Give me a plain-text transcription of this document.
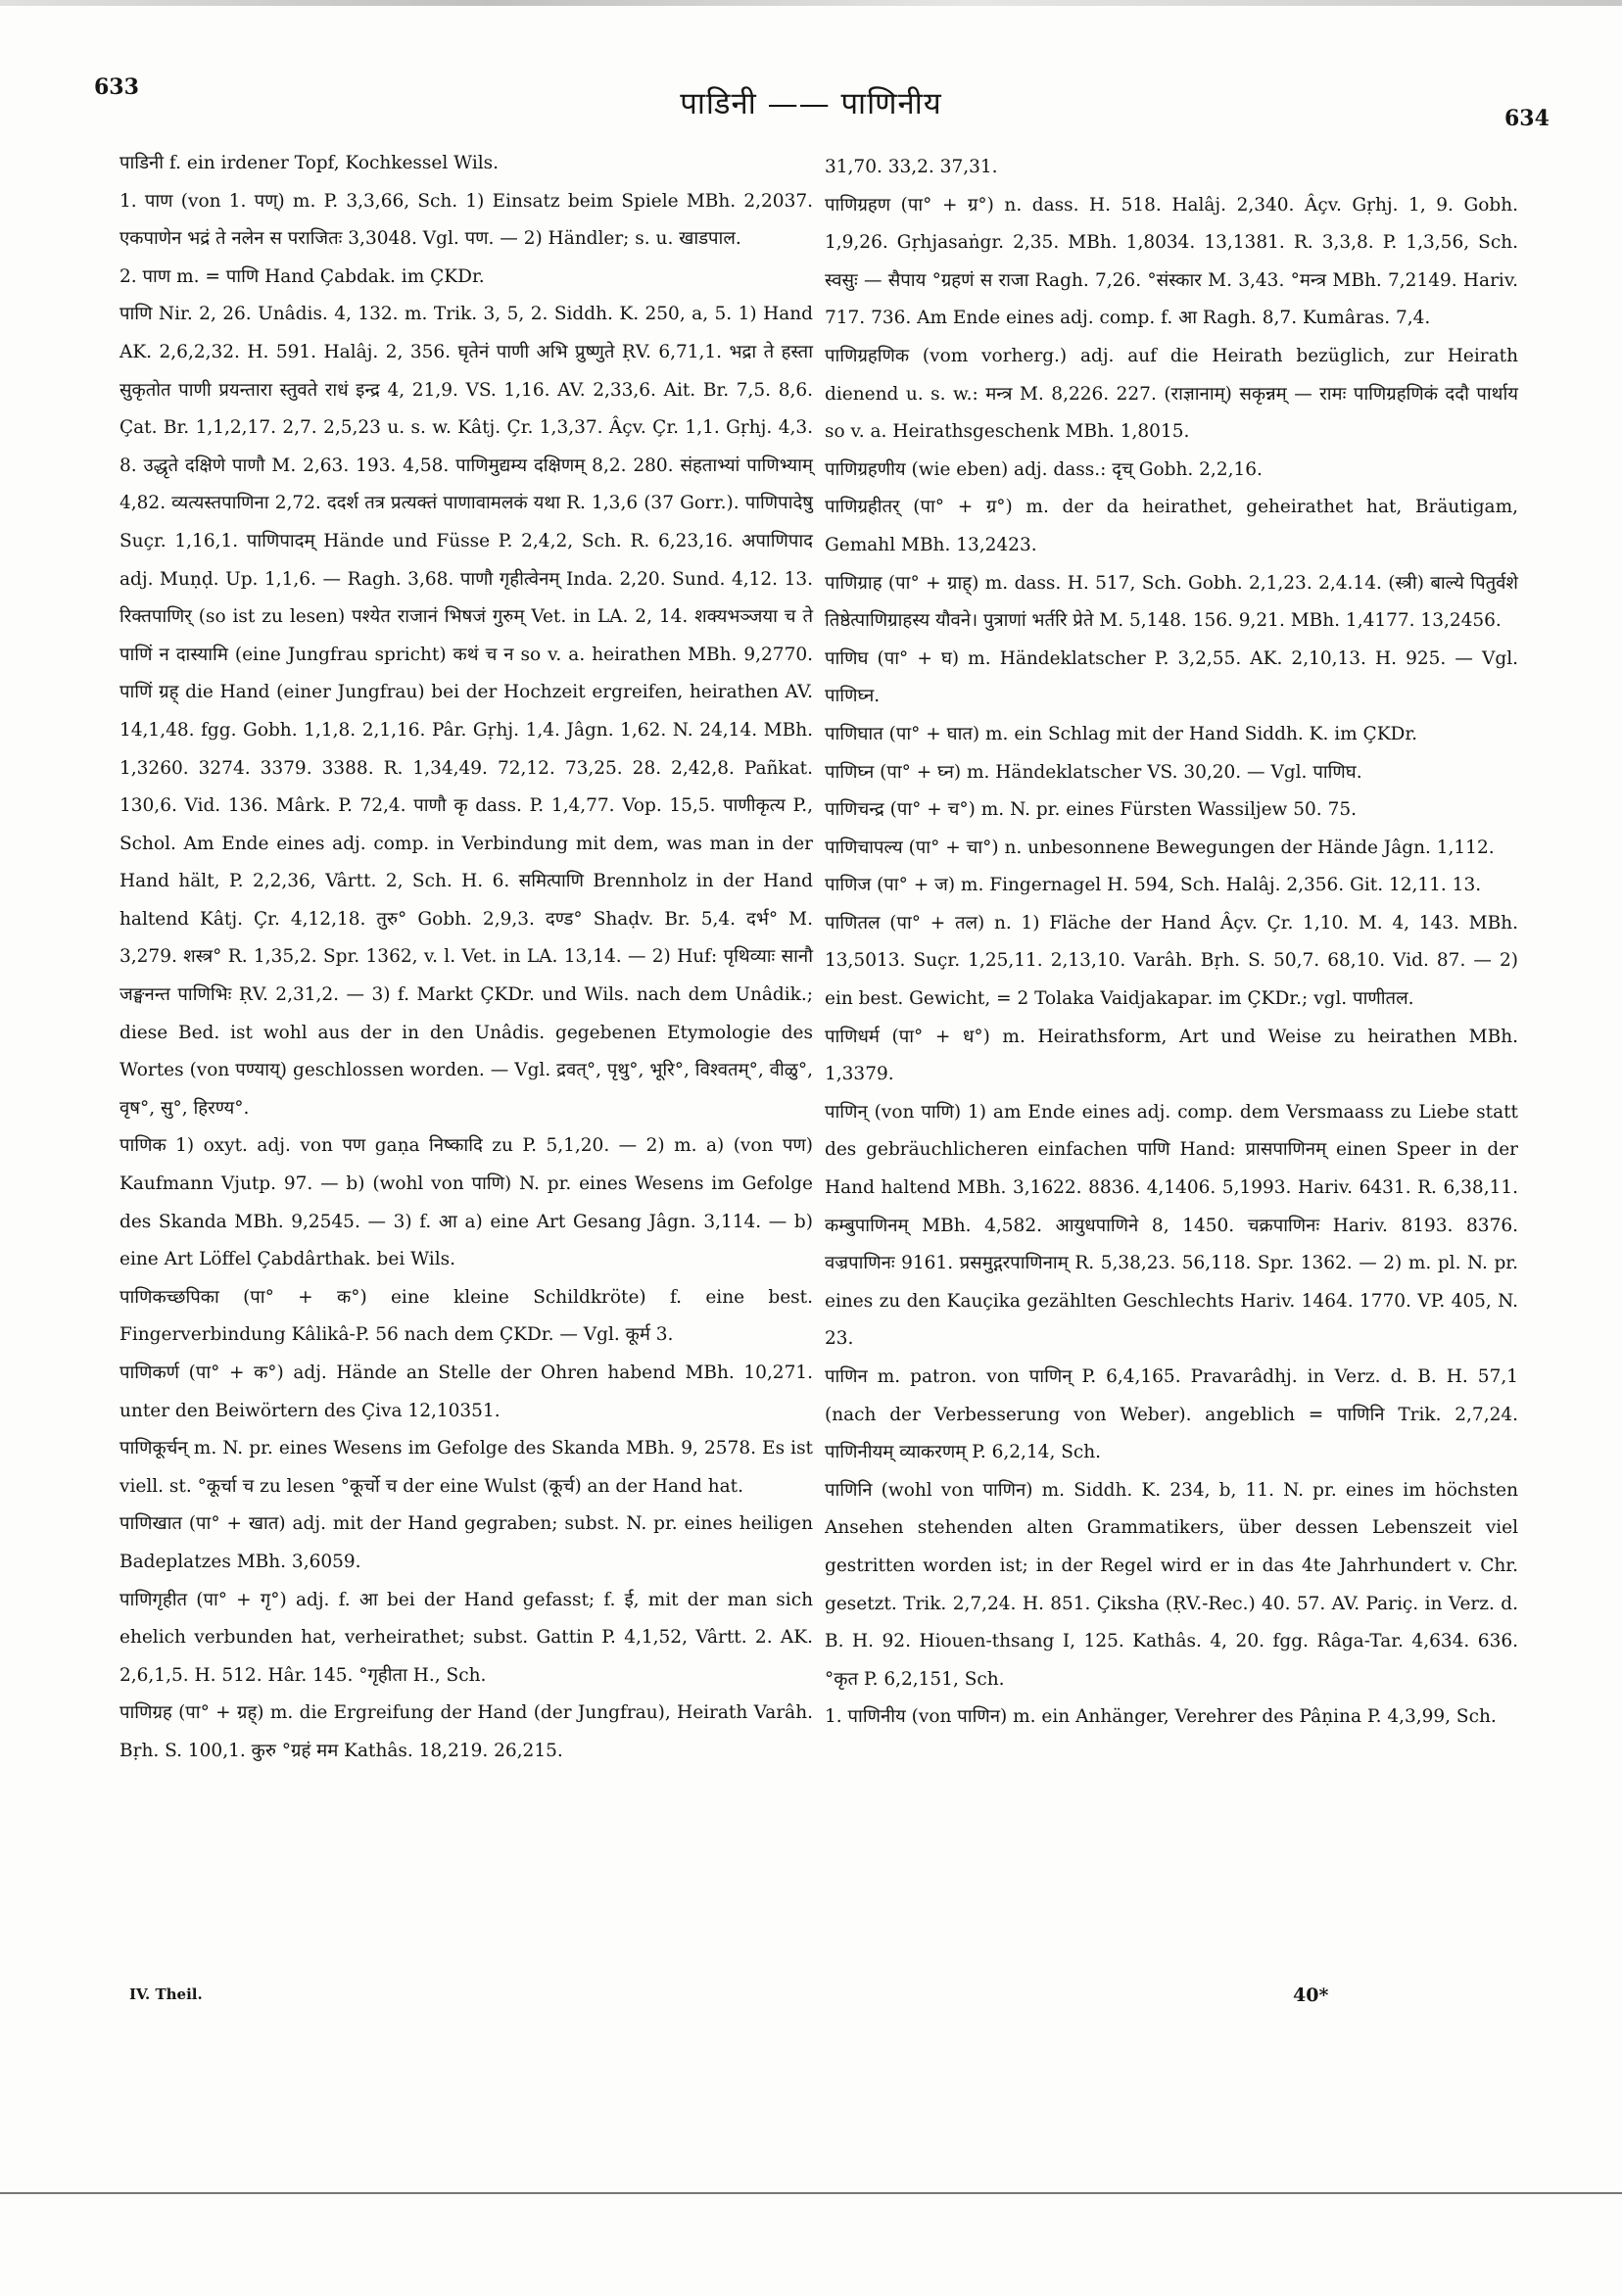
633	पाडिनी —— पाणिनीय	634

पाडिनी f. ein irdener Topf, Kochkessel Wils.

1. पाण (von 1. पण्) m. P. 3,3,66, Sch. 1) Einsatz beim Spiele MBh. 2,2037. एकपाणेन भद्रं ते नलेन स पराजितः 3,3048. Vgl. पण. — 2) Händler; s. u. खाडपाल.

2. पाण m. = पाणि Hand Çabdak. im ÇKDr.

पाणि Nir. 2, 26. Unâdis. 4, 132. m. Trik. 3, 5, 2. Siddh. K. 250, a, 5. 1) Hand AK. 2,6,2,32. H. 591. Halâj. 2, 356. घृतेनं पाणी अभि प्रुष्णुते ṚV. 6,71,1. भद्रा ते हस्ता सुकृतोत पाणी प्रयन्तारा स्तुवते राधं इन्द्र 4, 21,9. VS. 1,16. AV. 2,33,6. Ait. Br. 7,5. 8,6. Çat. Br. 1,1,2,17. 2,7. 2,5,23 u. s. w. Kâtj. Çr. 1,3,37. Âçv. Çr. 1,1. Gṛhj. 4,3. 8. उद्धृते दक्षिणे पाणौ M. 2,63. 193. 4,58. पाणिमुद्यम्य दक्षिणम् 8,2. 280. संहताभ्यां पाणिभ्याम् 4,82. व्यत्यस्तपाणिना 2,72. ददर्श तत्र प्रत्यक्तं पाणावामलकं यथा R. 1,3,6 (37 Gorr.). पाणिपादेषु Suçr. 1,16,1. पाणिपादम् Hände und Füsse P. 2,4,2, Sch. R. 6,23,16. अपाणिपाद adj. Muṇḍ. Up. 1,1,6. — Ragh. 3,68. पाणौ गृहीत्वेनम् Inda. 2,20. Sund. 4,12. 13. रिक्तपाणिर् (so ist zu lesen) पश्येत राजानं भिषजं गुरुम् Vet. in LA. 2, 14. शक्यभञ्जया च ते पाणिं न दास्यामि (eine Jungfrau spricht) कथं च न so v. a. heirathen MBh. 9,2770. पाणिं ग्रह् die Hand (einer Jungfrau) bei der Hochzeit ergreifen, heirathen AV. 14,1,48. fgg. Gobh. 1,1,8. 2,1,16. Pâr. Gṛhj. 1,4. Jâgn. 1,62. N. 24,14. MBh. 1,3260. 3274. 3379. 3388. R. 1,34,49. 72,12. 73,25. 28. 2,42,8. Pañkat. 130,6. Vid. 136. Mârk. P. 72,4. पाणौ कृ dass. P. 1,4,77. Vop. 15,5. पाणीकृत्य P., Schol. Am Ende eines adj. comp. in Verbindung mit dem, was man in der Hand hält, P. 2,2,36, Vârtt. 2, Sch. H. 6. समित्पाणि Brennholz in der Hand haltend Kâtj. Çr. 4,12,18. तुरु° Gobh. 2,9,3. दण्ड° Shaḍv. Br. 5,4. दर्भ° M. 3,279. शस्त्र° R. 1,35,2. Spr. 1362, v. l. Vet. in LA. 13,14. — 2) Huf: पृथिव्याः सानौ जङ्घनन्त पाणिभिः ṚV. 2,31,2. — 3) f. Markt ÇKDr. und Wils. nach dem Unâdik.; diese Bed. ist wohl aus der in den Unâdis. gegebenen Etymologie des Wortes (von पण्याय्) geschlossen worden. — Vgl. द्रवत्°, पृथु°, भूरि°, विश्वतम्°, वीळु°, वृष°, सु°, हिरण्य°.

पाणिक 1) oxyt. adj. von पण gaṇa निष्कादि zu P. 5,1,20. — 2) m. a) (von पण) Kaufmann Vjutp. 97. — b) (wohl von पाणि) N. pr. eines Wesens im Gefolge des Skanda MBh. 9,2545. — 3) f. आ a) eine Art Gesang Jâgn. 3,114. — b) eine Art Löffel Çabdârthak. bei Wils.

पाणिकच्छपिका (पा° + क°) eine kleine Schildkröte) f. eine best. Fingerverbindung Kâlikâ-P. 56 nach dem ÇKDr. — Vgl. कूर्म 3.

पाणिकर्ण (पा° + क°) adj. Hände an Stelle der Ohren habend MBh. 10,271. unter den Beiwörtern des Çiva 12,10351.

पाणिकूर्चन् m. N. pr. eines Wesens im Gefolge des Skanda MBh. 9, 2578. Es ist viell. st. °कूर्चा च zu lesen °कूर्चो च der eine Wulst (कूर्च) an der Hand hat.

पाणिखात (पा° + खात) adj. mit der Hand gegraben; subst. N. pr. eines heiligen Badeplatzes MBh. 3,6059.

पाणिगृहीत (पा° + गृ°) adj. f. आ bei der Hand gefasst; f. ई, mit der man sich ehelich verbunden hat, verheirathet; subst. Gattin P. 4,1,52, Vârtt. 2. AK. 2,6,1,5. H. 512. Hâr. 145. °गृहीता H., Sch.

पाणिग्रह (पा° + ग्रह्) m. die Ergreifung der Hand (der Jungfrau), Heirath Varâh. Bṛh. S. 100,1. कुरु °ग्रहं मम Kathâs. 18,219. 26,215.

31,70. 33,2. 37,31.

पाणिग्रहण (पा° + ग्र°) n. dass. H. 518. Halâj. 2,340. Âçv. Gṛhj. 1, 9. Gobh. 1,9,26. Gṛhjasaṅgr. 2,35. MBh. 1,8034. 13,1381. R. 3,3,8. P. 1,3,56, Sch. स्वसुः — सैपाय °ग्रहणं स राजा Ragh. 7,26. °संस्कार M. 3,43. °मन्त्र MBh. 7,2149. Hariv. 717. 736. Am Ende eines adj. comp. f. आ Ragh. 8,7. Kumâras. 7,4.

पाणिग्रहणिक (vom vorherg.) adj. auf die Heirath bezüglich, zur Heirath dienend u. s. w.: मन्त्र M. 8,226. 227. (राज्ञानाम्) सकृन्नम् — रामः पाणिग्रहणिकं ददौ पार्थाय so v. a. Heirathsgeschenk MBh. 1,8015.

पाणिग्रहणीय (wie eben) adj. dass.: दृच् Gobh. 2,2,16.

पाणिग्रहीतर् (पा° + ग्र°) m. der da heirathet, geheirathet hat, Bräutigam, Gemahl MBh. 13,2423.

पाणिग्राह (पा° + ग्राह्) m. dass. H. 517, Sch. Gobh. 2,1,23. 2,4.14. (स्त्री) बाल्ये पितुर्वशे तिष्ठेत्पाणिग्राहस्य यौवने। पुत्राणां भर्तरि प्रेते M. 5,148. 156. 9,21. MBh. 1,4177. 13,2456.

पाणिघ (पा° + घ) m. Händeklatscher P. 3,2,55. AK. 2,10,13. H. 925. — Vgl. पाणिघ्न.

पाणिघात (पा° + घात) m. ein Schlag mit der Hand Siddh. K. im ÇKDr.

पाणिघ्न (पा° + घ्न) m. Händeklatscher VS. 30,20. — Vgl. पाणिघ.

पाणिचन्द्र (पा° + च°) m. N. pr. eines Fürsten Wassiljew 50. 75.

पाणिचापल्य (पा° + चा°) n. unbesonnene Bewegungen der Hände Jâgn. 1,112.

पाणिज (पा° + ज) m. Fingernagel H. 594, Sch. Halâj. 2,356. Git. 12,11. 13.

पाणितल (पा° + तल) n. 1) Fläche der Hand Âçv. Çr. 1,10. M. 4, 143. MBh. 13,5013. Suçr. 1,25,11. 2,13,10. Varâh. Bṛh. S. 50,7. 68,10. Vid. 87. — 2) ein best. Gewicht, = 2 Tolaka Vaidjakapar. im ÇKDr.; vgl. पाणीतल.

पाणिधर्म (पा° + ध°) m. Heirathsform, Art und Weise zu heirathen MBh. 1,3379.

पाणिन् (von पाणि) 1) am Ende eines adj. comp. dem Versmaass zu Liebe statt des gebräuchlicheren einfachen पाणि Hand: प्रासपाणिनम् einen Speer in der Hand haltend MBh. 3,1622. 8836. 4,1406. 5,1993. Hariv. 6431. R. 6,38,11. कम्बुपाणिनम् MBh. 4,582. आयुधपाणिने 8, 1450. चक्रपाणिनः Hariv. 8193. 8376. वज्रपाणिनः 9161. प्रसमुद्गरपाणिनाम् R. 5,38,23. 56,118. Spr. 1362. — 2) m. pl. N. pr. eines zu den Kauçika gezählten Geschlechts Hariv. 1464. 1770. VP. 405, N. 23.

पाणिन m. patron. von पाणिन् P. 6,4,165. Pravarâdhj. in Verz. d. B. H. 57,1 (nach der Verbesserung von Weber). angeblich = पाणिनि Trik. 2,7,24. पाणिनीयम् व्याकरणम् P. 6,2,14, Sch.

पाणिनि (wohl von पाणिन) m. Siddh. K. 234, b, 11. N. pr. eines im höchsten Ansehen stehenden alten Grammatikers, über dessen Lebenszeit viel gestritten worden ist; in der Regel wird er in das 4te Jahrhundert v. Chr. gesetzt. Trik. 2,7,24. H. 851. Çiksha (ṚV.-Rec.) 40. 57. AV. Pariç. in Verz. d. B. H. 92. Hiouen-thsang I, 125. Kathâs. 4, 20. fgg. Râga-Tar. 4,634. 636. °कृत P. 6,2,151, Sch.

1. पाणिनीय (von पाणिन) m. ein Anhänger, Verehrer des Pâṇina P. 4,3,99, Sch.

IV. Theil.	40*
